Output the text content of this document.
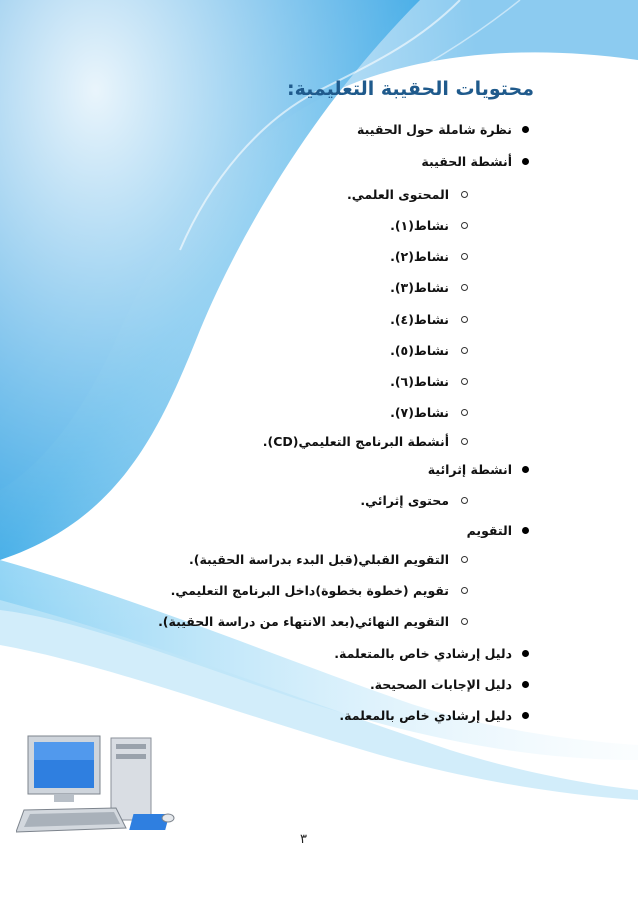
محتويات الحقيبة التعليمية:
نظرة شاملة حول الحقيبة
أنشطة الحقيبة
المحتوى العلمي.
نشاط(١).
نشاط(٢).
نشاط(٣).
نشاط(٤).
نشاط(٥).
نشاط(٦).
نشاط(٧).
أنشطة البرنامج التعليمي(CD).
انشطة إثرائية
محتوى إثرائي.
التقويم
التقويم القبلي(قبل البدء بدراسة الحقيبة).
تقويم (خطوة بخطوة)داخل البرنامج التعليمي.
التقويم النهائي(بعد الانتهاء من دراسة الحقيبة).
دليل إرشادي خاص بالمتعلمة.
دليل الإجابات الصحيحة.
دليل إرشادي خاص بالمعلمة.
٣
